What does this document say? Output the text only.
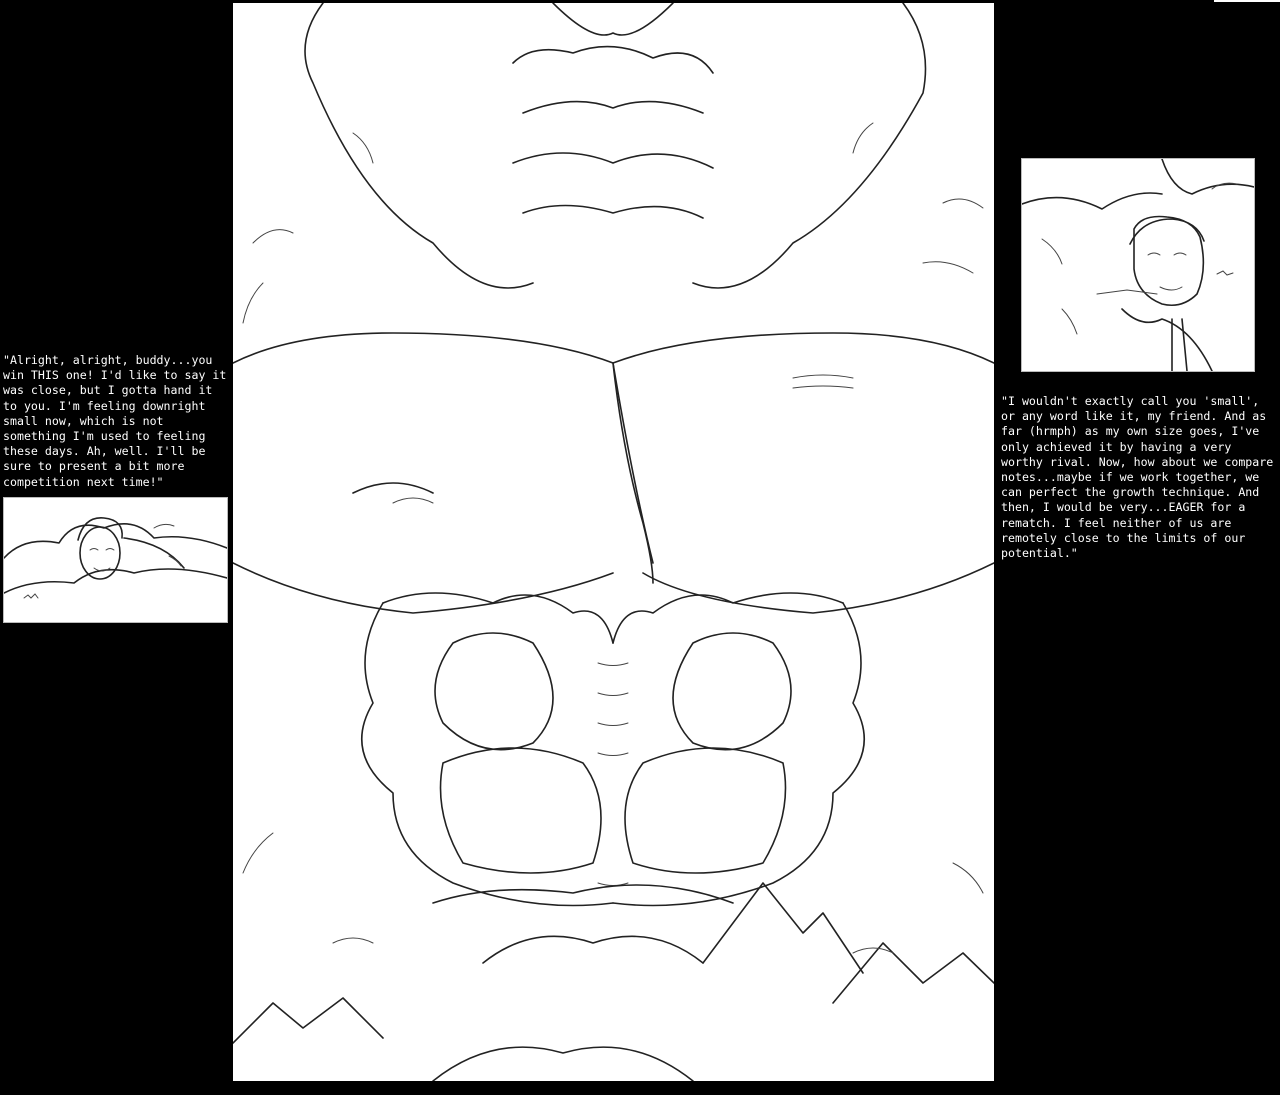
"Alright, alright, buddy...you win THIS one! I'd like to say it was close, but I gotta hand it to you. I'm feeling downright small now, which is not something I'm used to feeling these days. Ah, well. I'll be sure to present a bit more competition next time!"

"I wouldn't exactly call you 'small', or any word like it, my friend. And as far (hrmph) as my own size goes, I've only achieved it by having a very worthy rival. Now, how about we compare notes...maybe if we work together, we can perfect the growth technique. And then, I would be very...EAGER for a rematch. I feel neither of us are remotely close to the limits of our potential."
